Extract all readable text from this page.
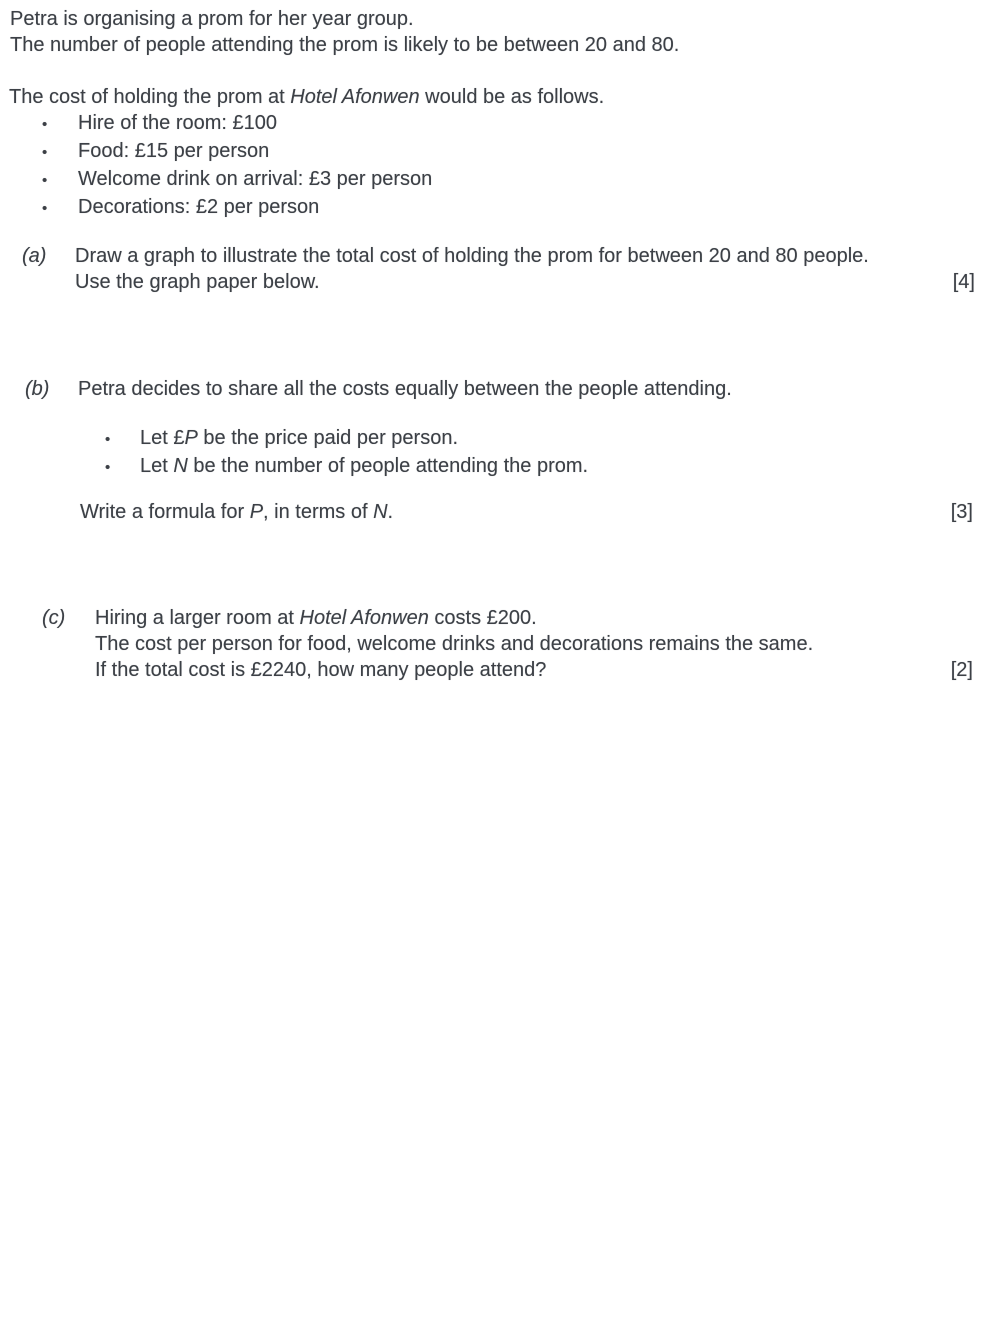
Petra is organising a prom for her year group.
The number of people attending the prom is likely to be between 20 and 80.
The cost of holding the prom at Hotel Afonwen would be as follows.
•	Hire of the room: £100
•	Food: £15 per person
•	Welcome drink on arrival: £3 per person
•	Decorations: £2 per person
(a) Draw a graph to illustrate the total cost of holding the prom for between 20 and 80 people.
Use the graph paper below.	[4]
(b) Petra decides to share all the costs equally between the people attending.
•	Let £P be the price paid per person.
•	Let N be the number of people attending the prom.
Write a formula for P, in terms of N.	[3]
(c) Hiring a larger room at Hotel Afonwen costs £200.
The cost per person for food, welcome drinks and decorations remains the same.
If the total cost is £2240, how many people attend?	[2]
